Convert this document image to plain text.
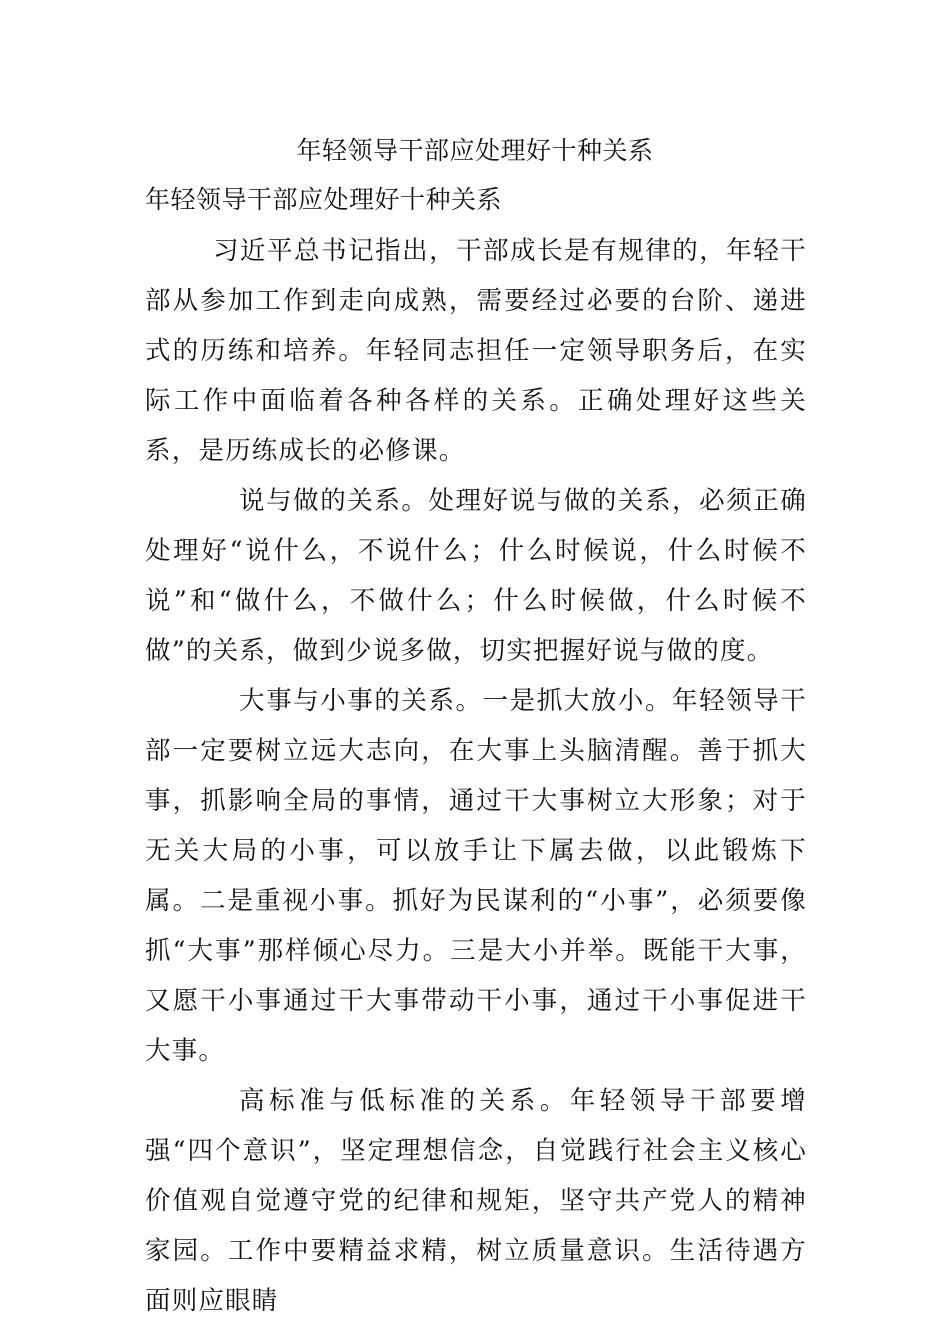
年轻领导干部应处理好十种关系
年轻领导干部应处理好十种关系

习近平总书记指出，干部成长是有规律的，年轻干部从参加工作到走向成熟，需要经过必要的台阶、递进式的历练和培养。年轻同志担任一定领导职务后，在实际工作中面临着各种各样的关系。正确处理好这些关系，是历练成长的必修课。

说与做的关系。处理好说与做的关系，必须正确处理好“说什么，不说什么；什么时候说，什么时候不说”和“做什么，不做什么；什么时候做，什么时候不做”的关系，做到少说多做，切实把握好说与做的度。

大事与小事的关系。一是抓大放小。年轻领导干部一定要树立远大志向，在大事上头脑清醒。善于抓大事，抓影响全局的事情，通过干大事树立大形象；对于无关大局的小事，可以放手让下属去做，以此锻炼下属。二是重视小事。抓好为民谋利的“小事”，必须要像抓“大事”那样倾心尽力。三是大小并举。既能干大事，又愿干小事通过干大事带动干小事，通过干小事促进干大事。

高标准与低标准的关系。年轻领导干部要增强“四个意识”，坚定理想信念，自觉践行社会主义核心价值观自觉遵守党的纪律和规矩，坚守共产党人的精神家园。工作中要精益求精，树立质量意识。生活待遇方面则应眼睛
